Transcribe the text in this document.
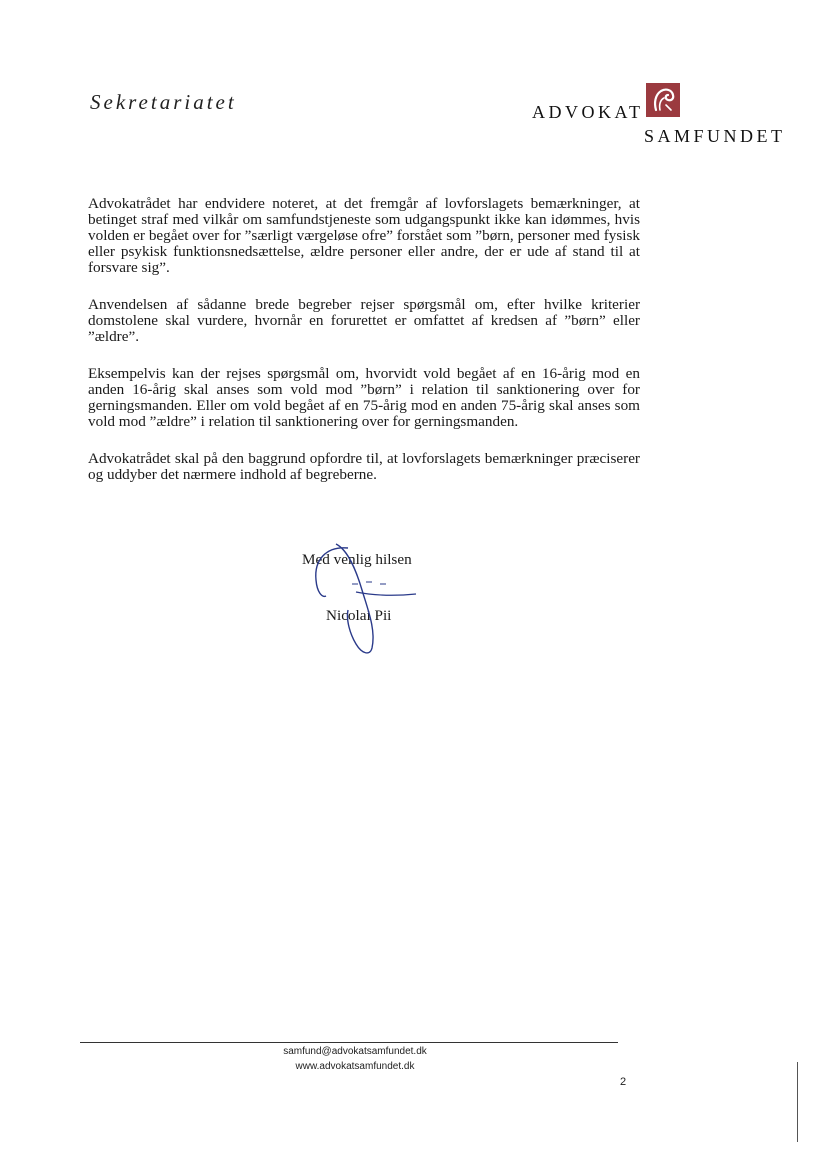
Sekretariatet	ADVOKAT
SAMFUNDET

Advokatrådet har endvidere noteret, at det fremgår af lovforslagets bemærkninger, at betinget straf med vilkår om samfundstjeneste som udgangspunkt ikke kan idømmes, hvis volden er begået over for ”særligt værgeløse ofre” forstået som ”børn, personer med fysisk eller psykisk funktionsnedsættelse, ældre personer eller andre, der er ude af stand til at forsvare sig”.

Anvendelsen af sådanne brede begreber rejser spørgsmål om, efter hvilke kriterier domstolene skal vurdere, hvornår en forurettet er omfattet af kredsen af ”børn” eller ”ældre”.

Eksempelvis kan der rejses spørgsmål om, hvorvidt vold begået af en 16-årig mod en anden 16-årig skal anses som vold mod ”børn” i relation til sanktionering over for gerningsmanden. Eller om vold begået af en 75-årig mod en anden 75-årig skal anses som vold mod ”ældre” i relation til sanktionering over for gerningsmanden.

Advokatrådet skal på den baggrund opfordre til, at lovforslagets bemærkninger præciserer og uddyber det nærmere indhold af begreberne.

Med venlig hilsen
Nicolai Pii
samfund@advokatsamfundet.dk
www.advokatsamfundet.dk
2
